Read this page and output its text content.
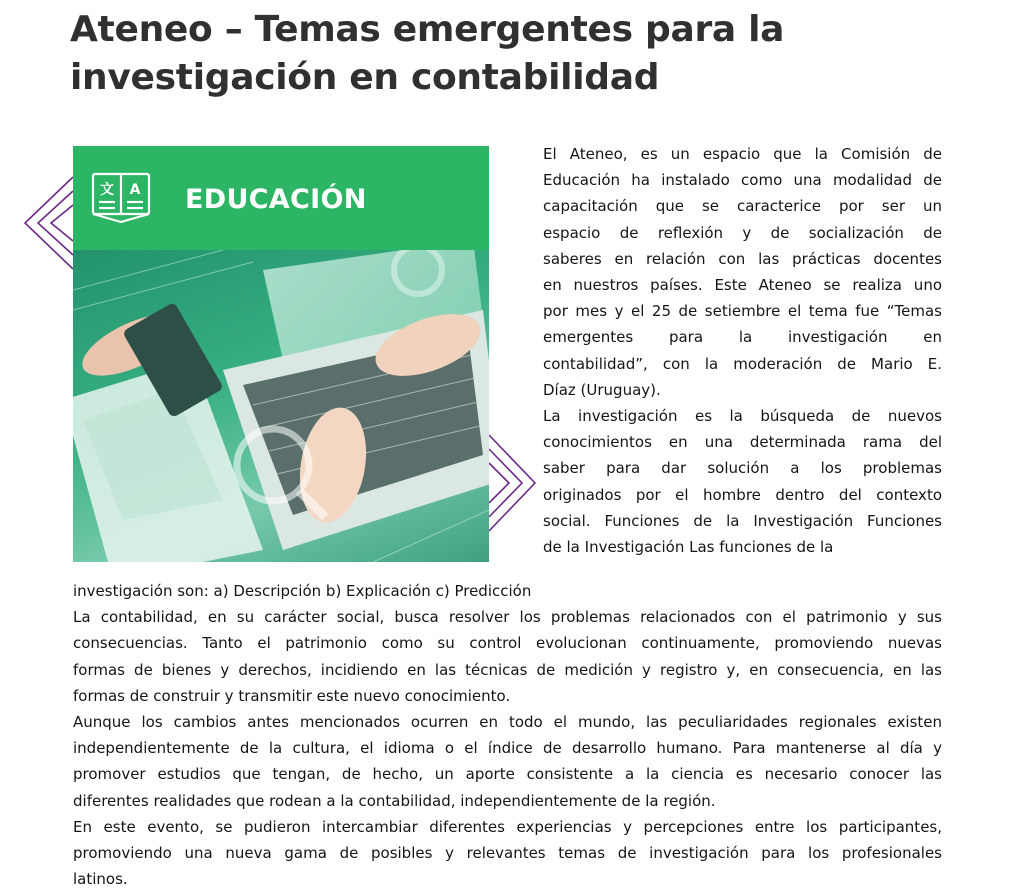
Ateneo – Temas emergentes para la
investigación en contabilidad
文 A EDUCACIÓN
El Ateneo, es un espacio que la Comisión de
Educación ha instalado como una modalidad de
capacitación que se caracterice por ser un
espacio de reflexión y de socialización de
saberes en relación con las prácticas docentes
en nuestros países. Este Ateneo se realiza uno
por mes y el 25 de setiembre el tema fue “Temas
emergentes para la investigación en
contabilidad”, con la moderación de Mario E.
Díaz (Uruguay).
La investigación es la búsqueda de nuevos
conocimientos en una determinada rama del
saber para dar solución a los problemas
originados por el hombre dentro del contexto
social. Funciones de la Investigación Funciones
de la Investigación Las funciones de la
investigación son: a) Descripción b) Explicación c) Predicción
La contabilidad, en su carácter social, busca resolver los problemas relacionados con el patrimonio y sus
consecuencias. Tanto el patrimonio como su control evolucionan continuamente, promoviendo nuevas
formas de bienes y derechos, incidiendo en las técnicas de medición y registro y, en consecuencia, en las
formas de construir y transmitir este nuevo conocimiento.
Aunque los cambios antes mencionados ocurren en todo el mundo, las peculiaridades regionales existen
independientemente de la cultura, el idioma o el índice de desarrollo humano. Para mantenerse al día y
promover estudios que tengan, de hecho, un aporte consistente a la ciencia es necesario conocer las
diferentes realidades que rodean a la contabilidad, independientemente de la región.
En este evento, se pudieron intercambiar diferentes experiencias y percepciones entre los participantes,
promoviendo una nueva gama de posibles y relevantes temas de investigación para los profesionales
latinos.
